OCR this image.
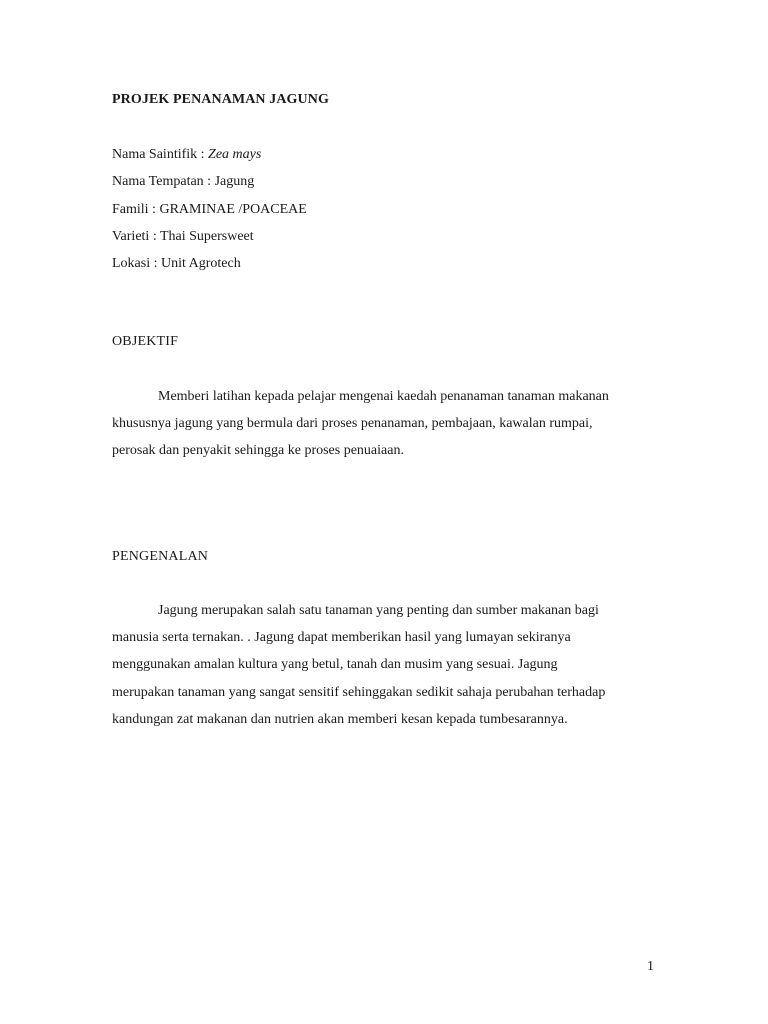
PROJEK PENANAMAN JAGUNG
Nama Saintifik : Zea mays
Nama Tempatan : Jagung
Famili : GRAMINAE /POACEAE
Varieti : Thai Supersweet
Lokasi : Unit Agrotech
OBJEKTIF

Memberi latihan kepada pelajar mengenai kaedah penanaman tanaman makanan
khususnya jagung yang bermula dari proses penanaman, pembajaan, kawalan rumpai,
perosak dan penyakit sehingga ke proses penuaiaan.

PENGENALAN

Jagung merupakan salah satu tanaman yang penting dan sumber makanan bagi
manusia serta ternakan. . Jagung dapat memberikan hasil yang lumayan sekiranya
menggunakan amalan kultura yang betul, tanah dan musim yang sesuai. Jagung
merupakan tanaman yang sangat sensitif sehinggakan sedikit sahaja perubahan terhadap
kandungan zat makanan dan nutrien akan memberi kesan kepada tumbesarannya.

1
